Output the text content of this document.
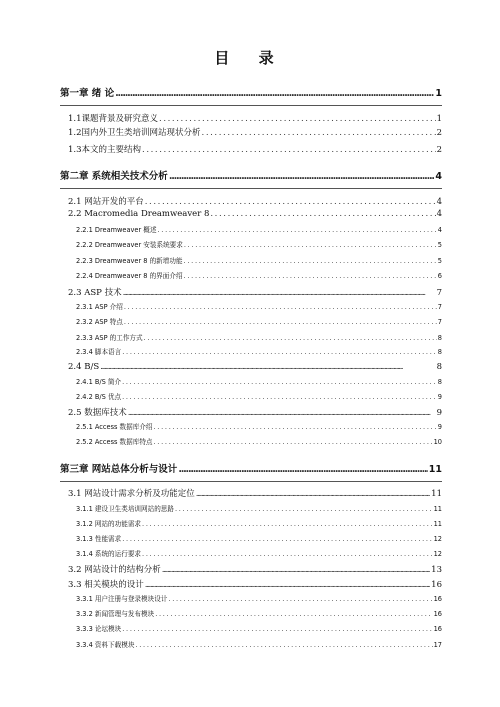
目 录
第一章 绪 论 .....	1
1.1课题背景及研究意义 .....	1
1.2国内外卫生类培训网站现状分析 .....	2
1.3本文的主要结构 .....	2
第二章 系统相关技术分析 .....	4
2.1 网站开发的平台 .....	4
2.2 Macromedia Dreamweaver 8 .....	4
2.2.1 Dreamweaver 概述 .....	4
2.2.2 Dreamweaver 安装系统要求 .....	5
2.2.3 Dreamweaver 8 的新增功能 .....	5
2.2.4 Dreamweaver 8 的界面介绍 .....	6
2.3 ASP 技术 .....	7
2.3.1 ASP 介绍 .....	7
2.3.2 ASP 特点 .....	7
2.3.3 ASP 的工作方式 .....	8
2.3.4 脚本语言 .....	8
2.4 B/S .....	8
2.4.1 B/S 简介 .....	8
2.4.2 B/S 优点 .....	9
2.5 数据库技术 .....	9
2.5.1 Access 数据库介绍 .....	9
2.5.2 Access 数据库特点 .....	10
第三章 网站总体分析与设计 .....	11
3.1 网站设计需求分析及功能定位 .....	11
3.1.1 建设卫生类培训网站的思路 .....	11
3.1.2 网站的功能需求 .....	11
3.1.3 性能需求 .....	12
3.1.4 系统的运行要求 .....	12
3.2 网站设计的结构分析 .....	13
3.3 相关模块的设计 .....	16
3.3.1 用户注册与登录模块设计 .....	16
3.3.2 新闻管理与发布模块 .....	16
3.3.3 论坛模块 .....	16
3.3.4 资料下载模块 .....	17
